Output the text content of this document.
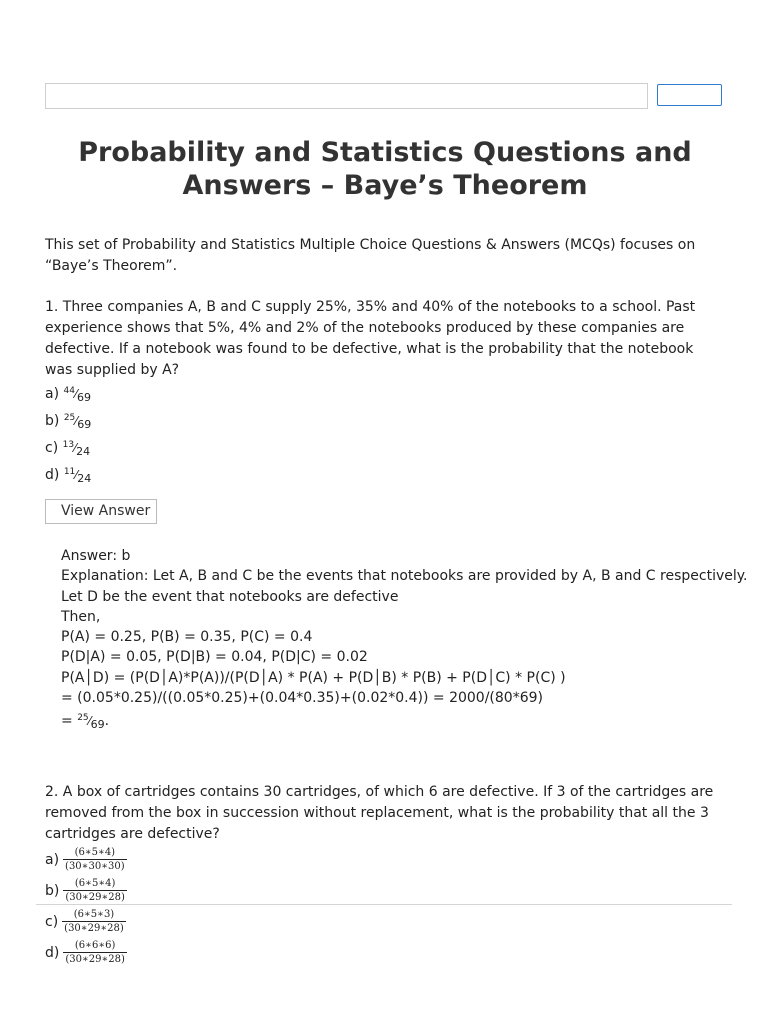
Probability and Statistics Questions and
Answers – Baye’s Theorem

This set of Probability and Statistics Multiple Choice Questions & Answers (MCQs) focuses on “Baye’s Theorem”.

1. Three companies A, B and C supply 25%, 35% and 40% of the notebooks to a school. Past experience shows that 5%, 4% and 2% of the notebooks produced by these companies are defective. If a notebook was found to be defective, what is the probability that the notebook was supplied by A?

a) $^{44}⁄_{69}$
b) $^{25}⁄_{69}$
c) $^{13}⁄_{24}$
d) $^{11}⁄_{24}$
View Answer
Answer: b
Explanation: Let A, B and C be the events that notebooks are provided by A, B and C respectively.
Let D be the event that notebooks are defective
Then,
P(A) = 0.25, P(B) = 0.35, P(C) = 0.4
P(D|A) = 0.05, P(D|B) = 0.04, P(D|C) = 0.02
P(A│D) = (P(D│A)*P(A))/(P(D│A) * P(A) + P(D│B) * P(B) + P(D│C) * P(C) )
= (0.05*0.25)/((0.05*0.25)+(0.04*0.35)+(0.02*0.4)) = 2000/(80*69)
= $^{25}⁄_{69}$.

2. A box of cartridges contains 30 cartridges, of which 6 are defective. If 3 of the cartridges are removed from the box in succession without replacement, what is the probability that all the 3 cartridges are defective?

$a) \frac{(6∗5∗4)}{(30∗30∗30)}$
$b) \frac{(6∗5∗4)}{(30∗29∗28)}$
$c) \frac{(6∗5∗3)}{(30∗29∗28)}$
$d) \frac{(6∗6∗6)}{(30∗29∗28)}$
